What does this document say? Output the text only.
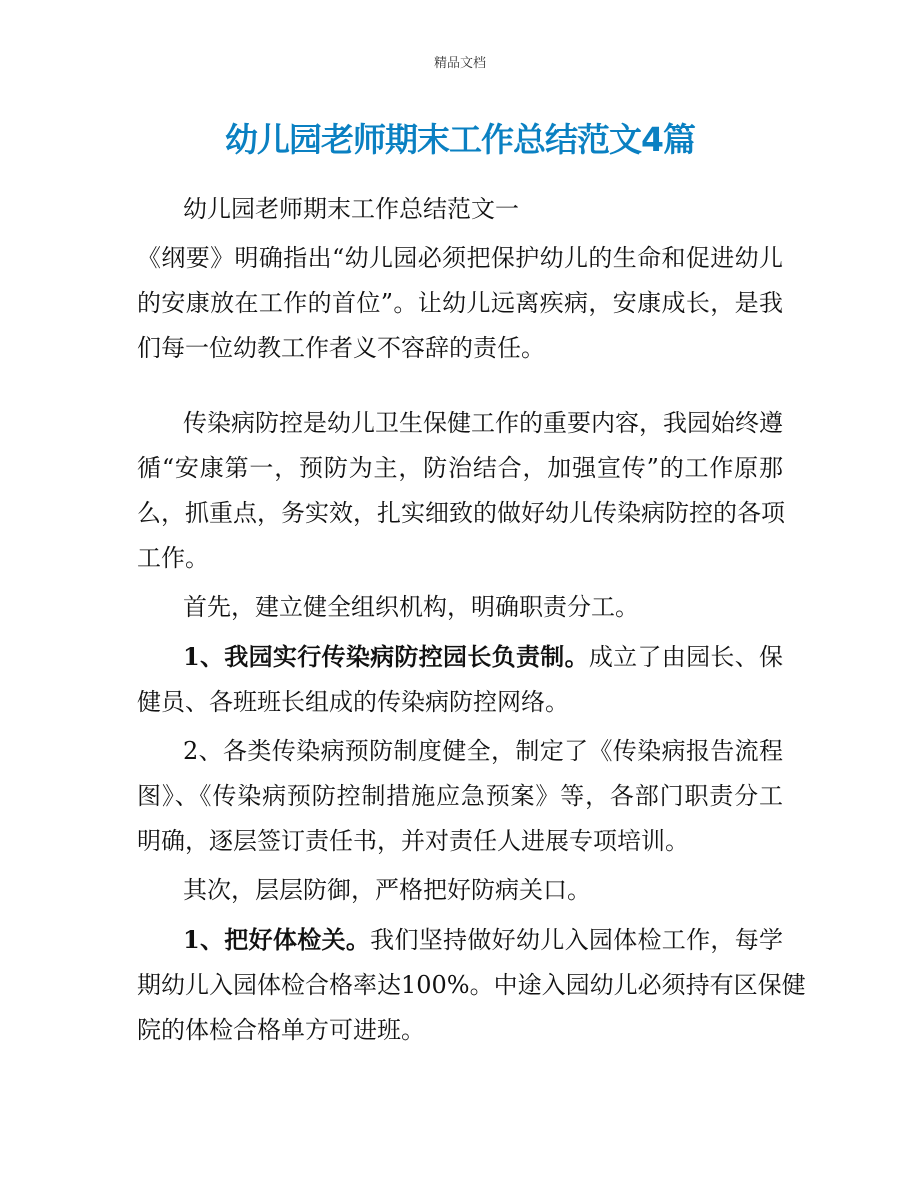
精品文档
幼儿园老师期末工作总结范文4篇
幼儿园老师期末工作总结范文一
《纲要》明确指出“幼儿园必须把保护幼儿的生命和促进幼儿
的安康放在工作的首位”。让幼儿远离疾病，安康成长，是我
们每一位幼教工作者义不容辞的责任。
传染病防控是幼儿卫生保健工作的重要内容，我园始终遵
循“安康第一，预防为主，防治结合，加强宣传”的工作原那
么，抓重点，务实效，扎实细致的做好幼儿传染病防控的各项
工作。
首先，建立健全组织机构，明确职责分工。
1、我园实行传染病防控园长负责制。成立了由园长、保
健员、各班班长组成的传染病防控网络。
2、各类传染病预防制度健全，制定了《传染病报告流程
图》、《传染病预防控制措施应急预案》等，各部门职责分工
明确，逐层签订责任书，并对责任人进展专项培训。
其次，层层防御，严格把好防病关口。
1、把好体检关。我们坚持做好幼儿入园体检工作，每学
期幼儿入园体检合格率达100%。中途入园幼儿必须持有区保健
院的体检合格单方可进班。
